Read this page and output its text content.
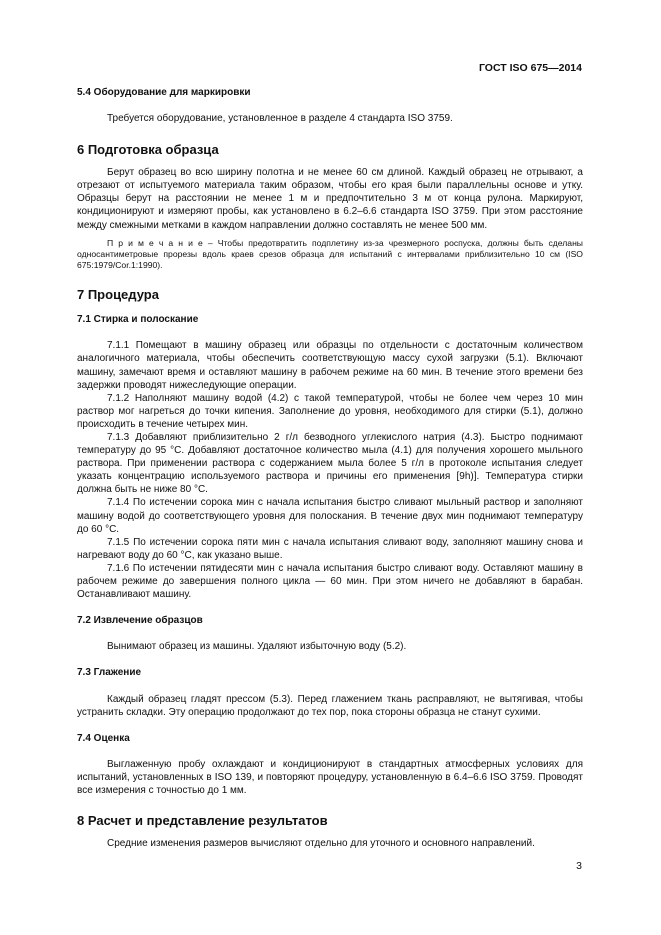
ГОСТ ISO 675—2014
5.4 Оборудование для маркировки

Требуется оборудование, установленное в разделе 4 стандарта ISO 3759.

6 Подготовка образца

Берут образец во всю ширину полотна и не менее 60 см длиной. Каждый образец не отрывают, а отрезают от испытуемого материала таким образом, чтобы его края были параллельны основе и утку. Образцы берут на расстоянии не менее 1 м и предпочтительно 3 м от конца рулона. Маркируют, кондиционируют и измеряют пробы, как установлено в 6.2–6.6 стандарта ISO 3759. При этом расстояние между смежными метками в каждом направлении должно составлять не менее 500 мм.

П р и м е ч а н и е – Чтобы предотвратить подплетину из-за чрезмерного роспуска, должны быть сделаны односантиметровые прорезы вдоль краев срезов образца для испытаний с интервалами приблизительно 10 см (ISO 675:1979/Cor.1:1990).

7 Процедура
7.1 Стирка и полоскание

7.1.1 Помещают в машину образец или образцы по отдельности с достаточным количеством аналогичного материала, чтобы обеспечить соответствующую массу сухой загрузки (5.1). Включают машину, замечают время и оставляют машину в рабочем режиме на 60 мин. В течение этого времени без задержки проводят нижеследующие операции.

7.1.2 Наполняют машину водой (4.2) с такой температурой, чтобы не более чем через 10 мин раствор мог нагреться до точки кипения. Заполнение до уровня, необходимого для стирки (5.1), должно происходить в течение четырех мин.

7.1.3 Добавляют приблизительно 2 г/л безводного углекислого натрия (4.3). Быстро поднимают температуру до 95 °С. Добавляют достаточное количество мыла (4.1) для получения хорошего мыльного раствора. При применении раствора с содержанием мыла более 5 г/л в протоколе испытания следует указать концентрацию используемого раствора и причины его применения [9h)]. Температура стирки должна быть не ниже 80 °С.

7.1.4 По истечении сорока мин с начала испытания быстро сливают мыльный раствор и заполняют машину водой до соответствующего уровня для полоскания. В течение двух мин поднимают температуру до 60 °С.

7.1.5 По истечении сорока пяти мин с начала испытания сливают воду, заполняют машину снова и нагревают воду до 60 °С, как указано выше.

7.1.6 По истечении пятидесяти мин с начала испытания быстро сливают воду. Оставляют машину в рабочем режиме до завершения полного цикла — 60 мин. При этом ничего не добавляют в барабан. Останавливают машину.

7.2 Извлечение образцов

Вынимают образец из машины. Удаляют избыточную воду (5.2).

7.3 Глажение

Каждый образец гладят прессом (5.3). Перед глажением ткань расправляют, не вытягивая, чтобы устранить складки. Эту операцию продолжают до тех пор, пока стороны образца не станут сухими.

7.4 Оценка

Выглаженную пробу охлаждают и кондиционируют в стандартных атмосферных условиях для испытаний, установленных в ISO 139, и повторяют процедуру, установленную в 6.4–6.6 ISO 3759. Проводят все измерения с точностью до 1 мм.

8 Расчет и представление результатов

Средние изменения размеров вычисляют отдельно для уточного и основного направлений.

3
